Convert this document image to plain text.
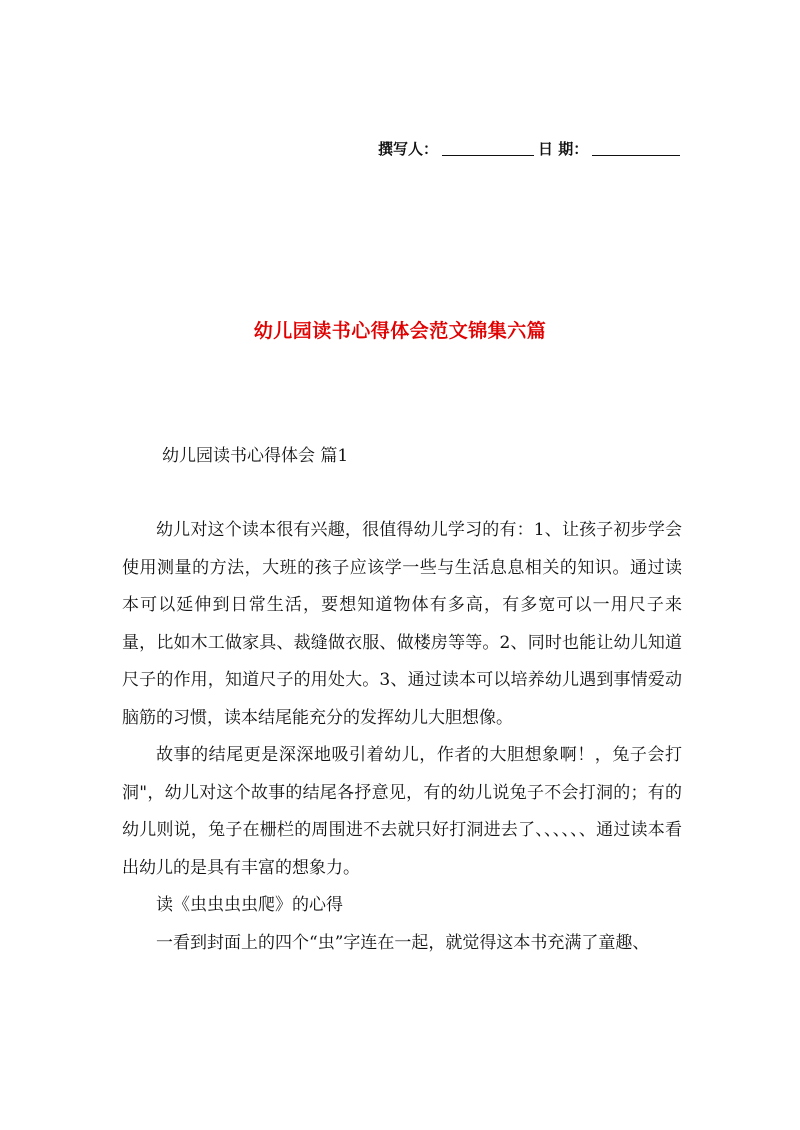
撰写人：	日 期：
幼儿园读书心得体会范文锦集六篇
幼儿园读书心得体会 篇1

幼儿对这个读本很有兴趣，很值得幼儿学习的有：1、让孩子初步学会使用测量的方法，大班的孩子应该学一些与生活息息相关的知识。通过读本可以延伸到日常生活，要想知道物体有多高，有多宽可以一用尺子来量，比如木工做家具、裁缝做衣服、做楼房等等。2、同时也能让幼儿知道尺子的作用，知道尺子的用处大。3、通过读本可以培养幼儿遇到事情爱动脑筋的习惯，读本结尾能充分的发挥幼儿大胆想像。

故事的结尾更是深深地吸引着幼儿，作者的大胆想象啊！，兔子会打洞"，幼儿对这个故事的结尾各抒意见，有的幼儿说兔子不会打洞的；有的幼儿则说，兔子在栅栏的周围进不去就只好打洞进去了、、、、、、通过读本看出幼儿的是具有丰富的想象力。

读《虫虫虫虫爬》的心得

一看到封面上的四个“虫”字连在一起，就觉得这本书充满了童趣、
